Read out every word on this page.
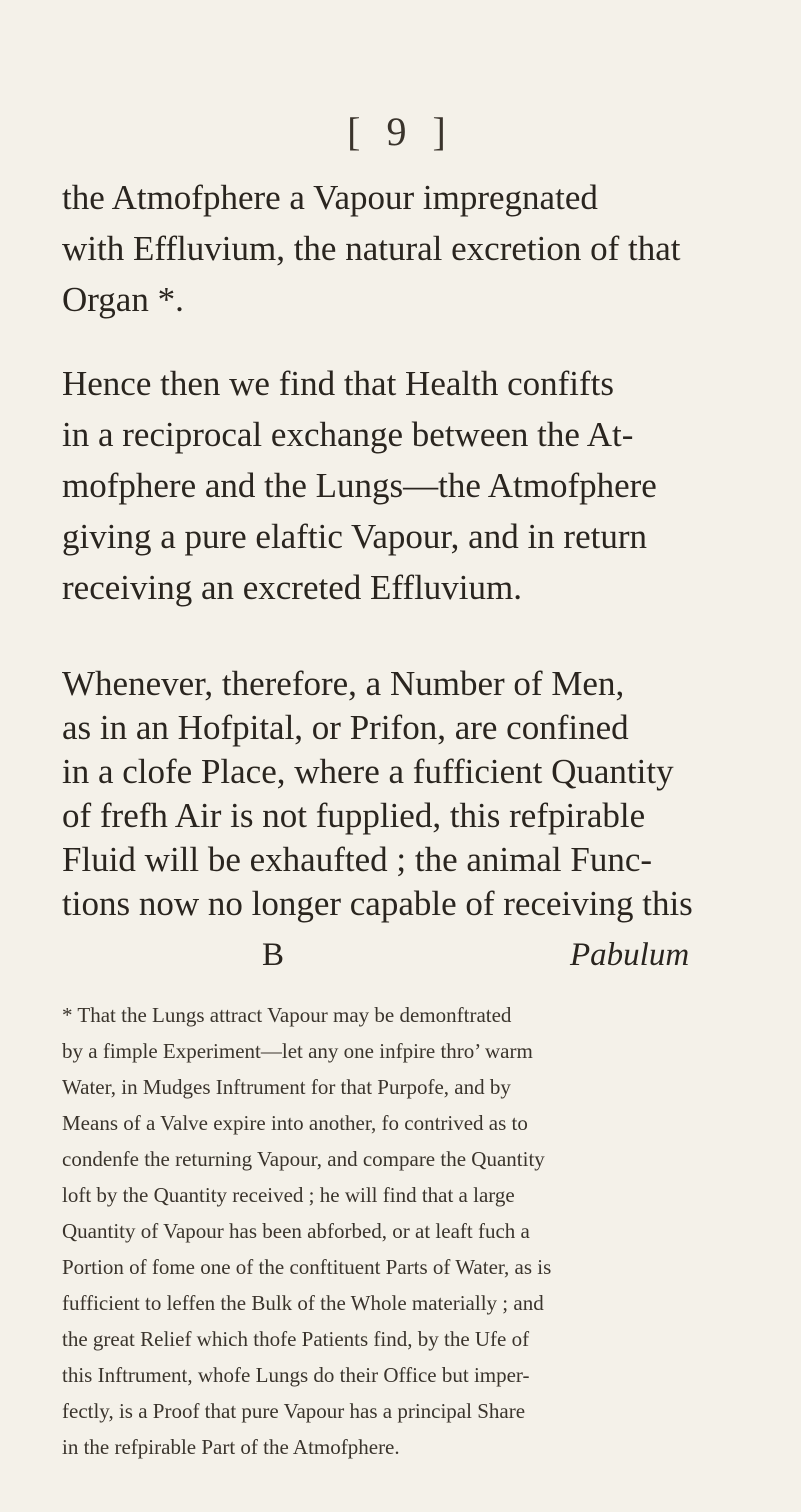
[ 9 ]
the Atmofphere a Vapour impregnated
with Effluvium, the natural excretion of that
Organ *.
Hence then we find that Health confifts
in a reciprocal exchange between the At-
mofphere and the Lungs—the Atmofphere
giving a pure elaftic Vapour, and in return
receiving an excreted Effluvium.
Whenever, therefore, a Number of Men,
as in an Hofpital, or Prifon, are confined
in a clofe Place, where a fufficient Quantity
of frefh Air is not fupplied, this refpirable
Fluid will be exhaufted ; the animal Func-
tions now no longer capable of receiving this
B	Pabulum
* That the Lungs attract Vapour may be demonftrated
by a fimple Experiment—let any one infpire thro’ warm
Water, in Mudges Inftrument for that Purpofe, and by
Means of a Valve expire into another, fo contrived as to
condenfe the returning Vapour, and compare the Quantity
loft by the Quantity received ; he will find that a large
Quantity of Vapour has been abforbed, or at leaft fuch a
Portion of fome one of the conftituent Parts of Water, as is
fufficient to leffen the Bulk of the Whole materially ; and
the great Relief which thofe Patients find, by the Ufe of
this Inftrument, whofe Lungs do their Office but imper-
fectly, is a Proof that pure Vapour has a principal Share
in the refpirable Part of the Atmofphere.
